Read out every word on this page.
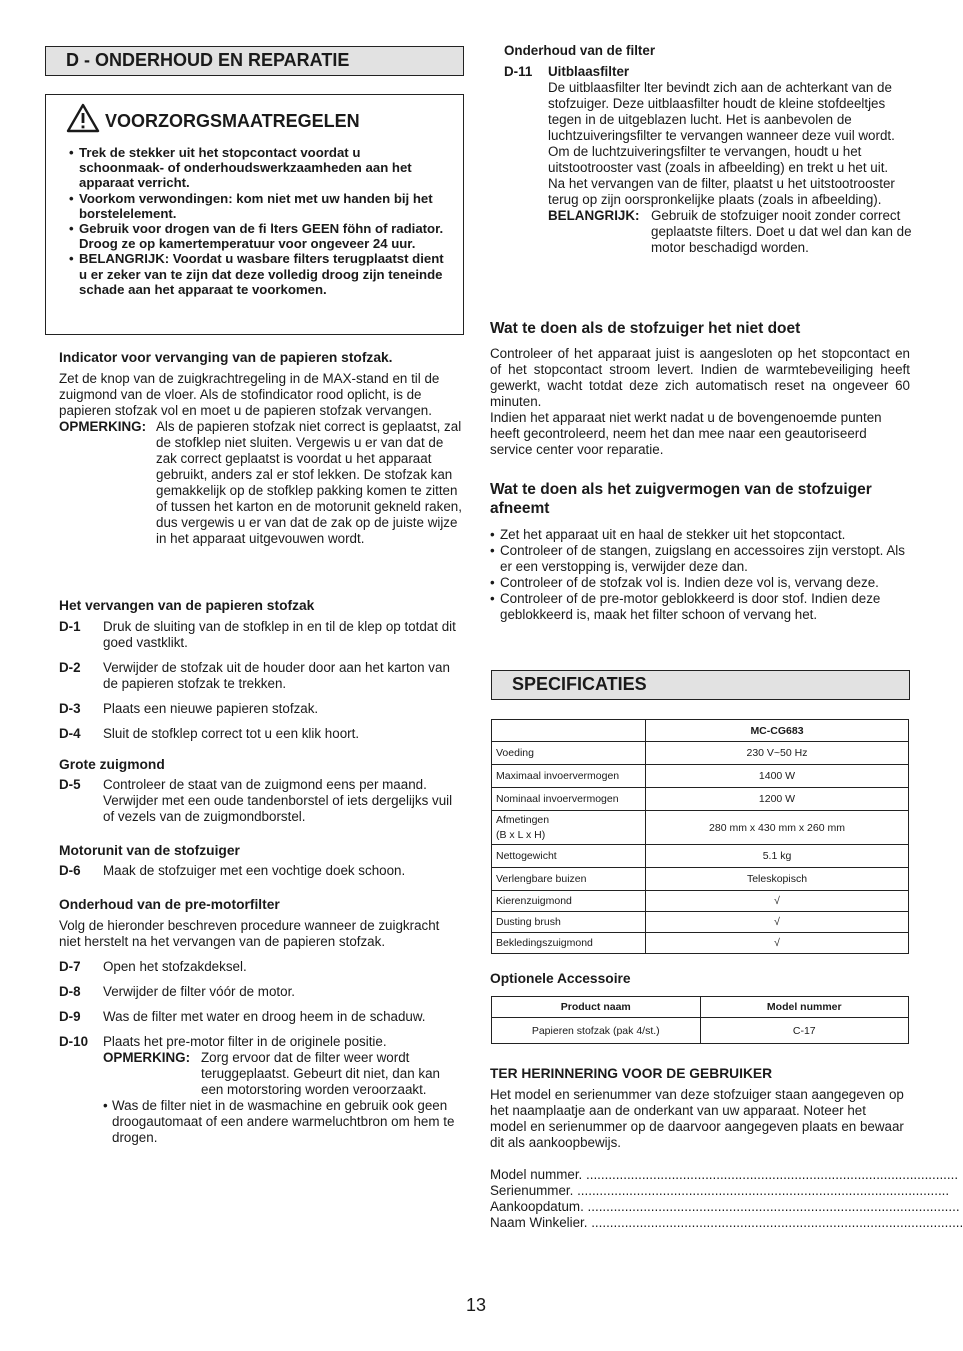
D - ONDERHOUD EN REPARATIE
VOORZORGSMAATREGELEN
• Trek de stekker uit het stopcontact voordat u schoonmaak- of onderhoudswerkzaamheden aan het apparaat verricht.
• Voorkom verwondingen: kom niet met uw handen bij het borstelelement.
• Gebruik voor drogen van de fi lters GEEN föhn of radiator. Droog ze op kamertemperatuur voor ongeveer 24 uur.
• BELANGRIJK: Voordat u wasbare filters terugplaatst dient u er zeker van te zijn dat deze volledig droog zijn teneinde schade aan het apparaat te voorkomen.
Indicator voor vervanging van de papieren stofzak.

Zet de knop van de zuigkrachtregeling in de MAX-stand en til de zuigmond van de vloer. Als de stofindicator rood oplicht, is de papieren stofzak vol en moet u de papieren stofzak vervangen.

OPMERKING: Als de papieren stofzak niet correct is geplaatst, zal de stofklep niet sluiten. Vergewis u er van dat de zak correct geplaatst is voordat u het apparaat gebruikt, anders zal er stof lekken. De stofzak kan gemakkelijk op de stofklep pakking komen te zitten of tussen het karton en de motorunit gekneld raken, dus vergewis u er van dat de zak op de juiste wijze in het apparaat uitgevouwen wordt.
Het vervangen van de papieren stofzak
D-1 Druk de sluiting van de stofklep in en til de klep op totdat dit goed vastklikt.
D-2 Verwijder de stofzak uit de houder door aan het karton van de papieren stofzak te trekken.
D-3 Plaats een nieuwe papieren stofzak.
D-4 Sluit de stofklep correct tot u een klik hoort.
Grote zuigmond
D-5 Controleer de staat van de zuigmond eens per maand. Verwijder met een oude tandenborstel of iets dergelijks vuil of vezels van de zuigmondborstel.
Motorunit van de stofzuiger
D-6 Maak de stofzuiger met een vochtige doek schoon.
Onderhoud van de pre-motorfilter

Volg de hieronder beschreven procedure wanneer de zuigkracht niet herstelt na het vervangen van de papieren stofzak.

D-7 Open het stofzakdeksel.
D-8 Verwijder de filter vóór de motor.
D-9 Was de filter met water en droog heem in de schaduw.
D-10 Plaats het pre-motor filter in de originele positie.
OPMERKING: Zorg ervoor dat de filter weer wordt teruggeplaatst. Gebeurt dit niet, dan kan een motorstoring worden veroorzaakt.
• Was de filter niet in de wasmachine en gebruik ook geen droogautomaat of een andere warmeluchtbron om hem te drogen.
Onderhoud van de filter
D-11 Uitblaasfilter
De uitblaasfilter lter bevindt zich aan de achterkant van de stofzuiger. Deze uitblaasfilter houdt de kleine stofdeeltjes tegen in de uitgeblazen lucht. Het is aanbevolen de luchtzuiveringsfilter te vervangen wanneer deze vuil wordt. Om de luchtzuiveringsfilter te vervangen, houdt u het uitstootrooster vast (zoals in afbeelding) en trekt u het uit.
Na het vervangen van de filter, plaatst u het uitstootrooster terug op zijn oorspronkelijke plaats (zoals in afbeelding).
BELANGRIJK: Gebruik de stofzuiger nooit zonder correct geplaatste filters. Doet u dat wel dan kan de motor beschadigd worden.
Wat te doen als de stofzuiger het niet doet

Controleer of het apparaat juist is aangesloten op het stopcontact en of het stopcontact stroom levert. Indien de warmtebeveiliging heeft gewerkt, wacht totdat deze zich automatisch reset na ongeveer 60 minuten.

Indien het apparaat niet werkt nadat u de bovengenoemde punten heeft gecontroleerd, neem het dan mee naar een geautoriseerd service center voor reparatie.

Wat te doen als het zuigvermogen van de stofzuiger afneemt
• Zet het apparaat uit en haal de stekker uit het stopcontact.
• Controleer of de stangen, zuigslang en accessoires zijn verstopt. Als er een verstopping is, verwijder deze dan.
• Controleer of de stofzak vol is. Indien deze vol is, vervang deze.
• Controleer of de pre-motor geblokkeerd is door stof. Indien deze geblokkeerd is, maak het filter schoon of vervang het.
SPECIFICATIES
	MC-CG683
Voeding	230 V~50 Hz
Maximaal invoervermogen	1400 W
Nominaal invoervermogen	1200 W

Afmetingen
(B x L x H)	280 mm x 430 mm x 260 mm
Nettogewicht	5.1 kg
Verlengbare buizen	Teleskopisch
Kierenzuigmond	√
Dusting brush	√
Bekledingszuigmond	√
Optionele Accessoire
Product naam	Model nummer
Papieren stofzak (pak 4/st.)	C-17
TER HERINNERING VOOR DE GEBRUIKER

Het model en serienummer van deze stofzuiger staan aangegeven op het naamplaatje aan de onderkant van uw apparaat. Noteer het model en serienummer op de daarvoor aangegeven plaats en bewaar dit als aankoopbewijs.

Model nummer. ....................................................................................................
Serienummer. ....................................................................................................
Aankoopdatum. ....................................................................................................
Naam Winkelier. ....................................................................................................
13
